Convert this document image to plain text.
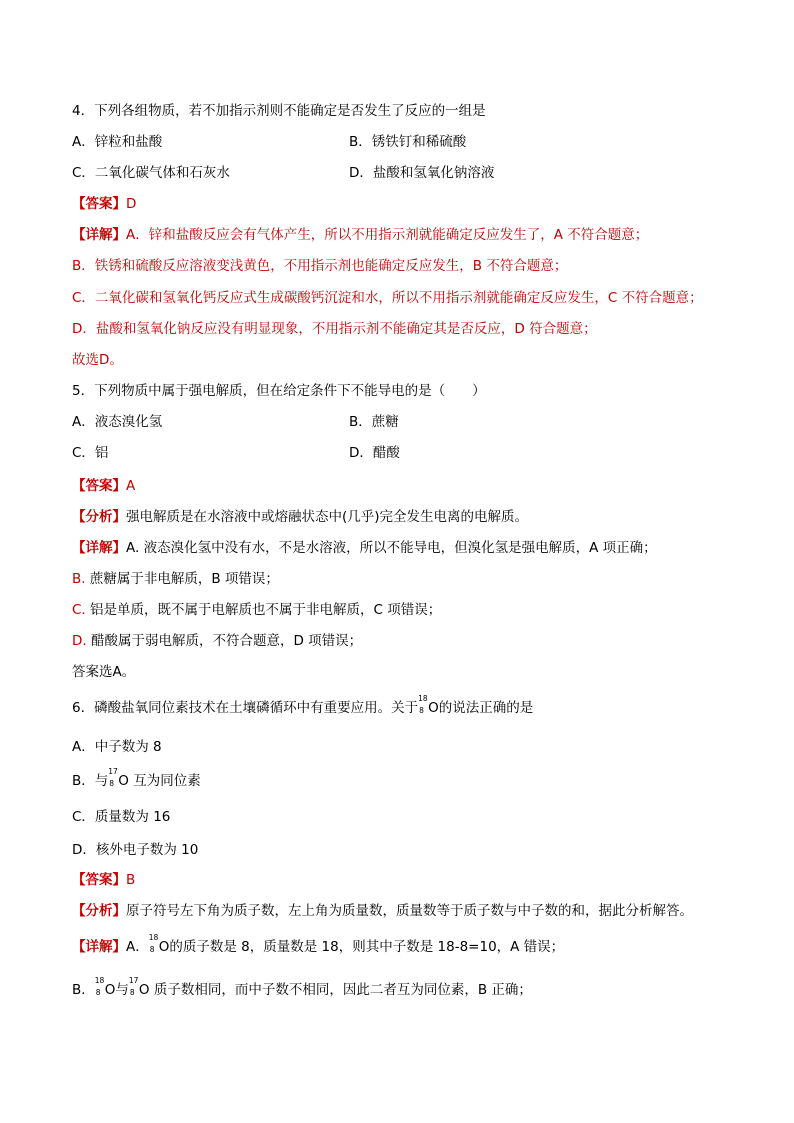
4．下列各组物质，若不加指示剂则不能确定是否发生了反应的一组是
A．锌粒和盐酸	B．锈铁钉和稀硫酸
C．二氧化碳气体和石灰水	D．盐酸和氢氧化钠溶液
【答案】D
【详解】A．锌和盐酸反应会有气体产生，所以不用指示剂就能确定反应发生了，A 不符合题意；
B．铁锈和硫酸反应溶液变浅黄色，不用指示剂也能确定反应发生，B 不符合题意；
C．二氧化碳和氢氧化钙反应式生成碳酸钙沉淀和水，所以不用指示剂就能确定反应发生，C 不符合题意；
D．盐酸和氢氧化钠反应没有明显现象，不用指示剂不能确定其是否反应，D 符合题意；
故选D。
5．下列物质中属于强电解质，但在给定条件下不能导电的是（　　）
A．液态溴化氢	B．蔗糖
C．铝	D．醋酸
【答案】A
【分析】强电解质是在水溶液中或熔融状态中(几乎)完全发生电离的电解质。
【详解】A. 液态溴化氢中没有水，不是水溶液，所以不能导电，但溴化氢是强电解质，A 项正确；
B. 蔗糖属于非电解质，B 项错误；
C. 铝是单质，既不属于电解质也不属于非电解质，C 项错误；
D. 醋酸属于弱电解质，不符合题意，D 项错误；
答案选A。
6．磷酸盐氧同位素技术在土壤磷循环中有重要应用。关于
18
8 O的说法正确的是
A．中子数为 8
B．与
17
8 O 互为同位素
C．质量数为 16
D．核外电子数为 10
【答案】B
【分析】原子符号左下角为质子数，左上角为质量数，质量数等于质子数与中子数的和，据此分析解答。
【详解】A．
18
8 O的质子数是 8，质量数是 18，则其中子数是 18-8=10，A 错误；
B．
18
8 O与
17
8 O 质子数相同，而中子数不相同，因此二者互为同位素，B 正确；
